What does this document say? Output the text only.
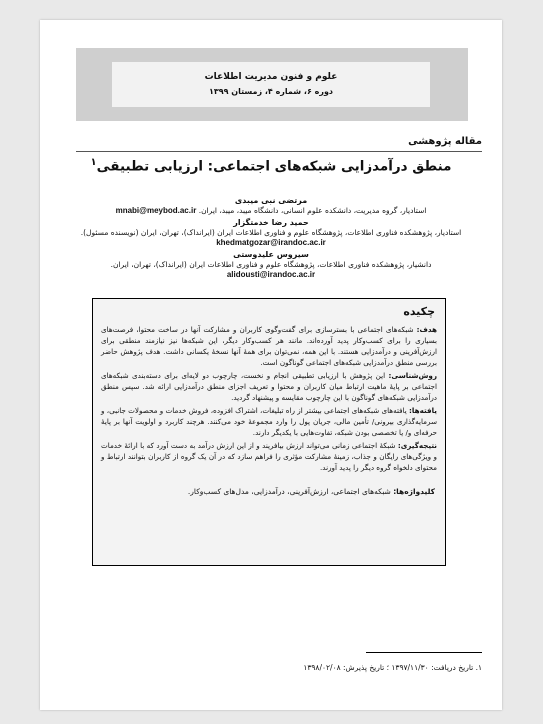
علوم و فنون مدیریت اطلاعات
دوره ۶، شماره ۴، زمستان ۱۳۹۹
مقاله پژوهشی
منطق درآمدزایی شبکه‌های اجتماعی: ارزیابی تطبیقی$^۱$
مرتضی نبی میبدی
استادیار، گروه مدیریت، دانشکده علوم انسانی، دانشگاه میبد، میبد، ایران. mnabi@meybod.ac.ir
حمید رضا خدمتگزار
استادیار، پژوهشکده فناوری اطلاعات، پژوهشگاه علوم و فناوری اطلاعات ایران (ایرانداک)، تهران، ایران (نویسنده مسئول).
khedmatgozar@irandoc.ac.ir
سیروس علیدوستی
دانشیار، پژوهشکده فناوری اطلاعات، پژوهشگاه علوم و فناوری اطلاعات ایران (ایرانداک)، تهران، ایران.
alidousti@irandoc.ac.ir
چکیده

هدف: شبکه‌های اجتماعی با بسترسازی برای گفت‌وگوی کاربران و مشارکت آنها در ساخت محتوا، فرصت‌های بسیاری را برای کسب‌وکار پدید آورده‌اند. مانند هر کسب‌وکار دیگر، این شبکه‌ها نیز نیازمند منطقی برای ارزش‌آفرینی و درآمدزایی هستند. با این همه، نمی‌توان برای همهٔ آنها نسخهٔ یکسانی داشت. هدف پژوهش حاضر بررسی منطق درآمدزایی شبکه‌های اجتماعی گوناگون است.

روش‌شناسی: این پژوهش با ارزیابی تطبیقی انجام و نخست، چارچوب دو لایه‌ای برای دسته‌بندی شبکه‌های اجتماعی بر پایهٔ ماهیت ارتباط میان کاربران و محتوا و تعریف اجزای منطق درآمدزایی ارائه شد. سپس منطق درآمدزایی شبکه‌های گوناگون با این چارچوب مقایسه و پیشنهاد گردید.

یافته‌ها: یافته‌های شبکه‌های اجتماعی بیشتر از راه تبلیغات، اشتراک افزوده، فروش خدمات و محصولات جانبی، و سرمایه‌گذاری بیرونی/ تأمین مالی، جریان پول را وارد مجموعهٔ خود می‌کنند. هرچند کاربرد و اولویت آنها بر پایهٔ حرفه‌ای و/ یا تخصصی بودن شبکه، تفاوت‌هایی با یکدیگر دارند.

نتیجه‌گیری: شبکهٔ اجتماعی زمانی می‌تواند ارزش بیافریند و از این ارزش درآمد به دست آورد که با ارائهٔ خدمات و ویژگی‌های رایگان و جذاب، زمینهٔ مشارکت مؤثری را فراهم سازد که در آن یک گروه از کاربران بتوانند ارتباط و محتوای دلخواه گروه دیگر را پدید آورند.

کلیدواژه‌ها: شبکه‌های اجتماعی، ارزش‌آفرینی، درآمدزایی، مدل‌های کسب‌وکار.
۱. تاریخ دریافت: ۱۳۹۷/۱۱/۳۰ ؛ تاریخ پذیرش: ۱۳۹۸/۰۲/۰۸
